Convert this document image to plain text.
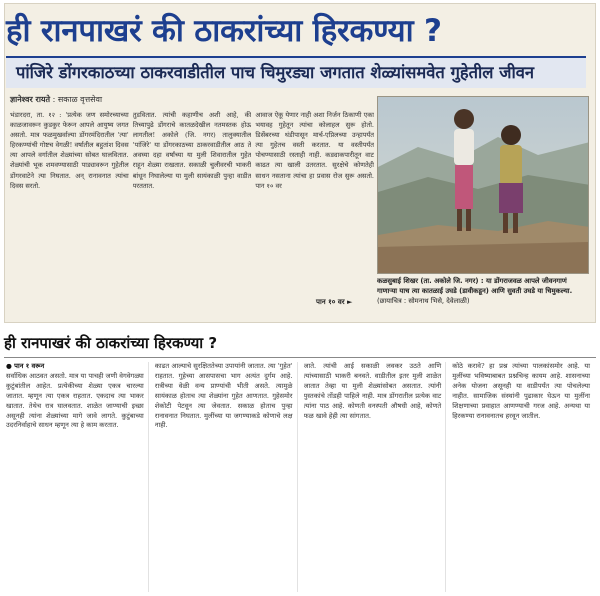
ही रानपाखरं की ठाकरांच्या हिरकण्या ?
पांजिरे डोंगरकाठच्या ठाकरवाडीतील पाच चिमुरड्या जगतात शेळ्यांसमवेत गुहेतील जीवन
ज्ञानेश्वर रायते : सकाळ वृत्तसेवा
भंडारदरा, ता. १२ : 'प्रत्येक जण समोरच्याच्या काळजावरून कुडकुर फेरून आपले आयुष्य जगत असतो. मात्र फळमुखर्वाल्या डोंगरमंदिरातील 'त्या' हिरकण्यांची गोष्टच वेगळी! वर्षातील बहुतांश दिवस त्या आपले वर्गातील शेळ्यांच्या सोबत घालवितात. शेळ्यांची भूक शमवण्यासाठी पाड्यावरून गुहेतील डोंगरवाटेने त्या निघतात. अन् रानावनात त्यांचा दिवस सरतो.
तुडवितात. त्यांची कहाणीच अशी आहे, की तिच्यापुढे डोंगराचे कातळदेखील नतमस्तक होऊ लागतील! अकोले (जि. नगर) तालुक्यातील 'पांजिरे' या डोंगरकाठच्या ठाकरवाडीतील आठ ते अवघ्या दहा वर्षांच्या या मुली शिवारातील गुहेत राहून शेळ्या राखतात. सकाळी चुलीवरची भाकरी बांधून निघालेल्या या मुली सायंकाळी पुन्हा वाडीत परततात.
आवाज ऐकू येणार नाही अशा निर्जन ठिकाणी एका भयावह गुहेतून त्यांचा कोलाहल सुरू होतो. डिसेंबरच्या थंडीपासून मार्च-एप्रिलच्या उन्हापर्यंत त्या गुहेतच वस्ती करतात. या वस्तीपर्यंत पोचण्यासाठी रस्ताही नाही. कड्याकपारीतून वाट काढत त्या खाली उतरतात. सुरक्षेचे कोणतेही साधन नसताना त्यांचा हा प्रवास रोज सुरू असतो. पान १० वर
कळसुबाई शिखर (ता. अकोले जि. नगर) : या डोंगराजवळ आपले जीवनगाणं गाणाऱ्या याच त्या कातळाई उघडे (डावीकडून) आणि सुवती उघडे या चिमुकल्या. (छायाचित्र : सोमनाथ भिसे, देवेलाळी)
पान १० वर ►
ही रानपाखरं की ठाकरांच्या हिरकण्या ?
● पान १ वरून
सर्वाधिक आठवत असतो. मात्र या पाचही जणी वेगवेगळ्या कुटुंबांतील आहेत. प्रत्येकीच्या शेळ्या एकत्र चारल्या जातात. म्हणून त्या एकत्र राहतात. एकदाच त्या भाकर खातात. तेथेच रात्र घालवतात. शाळेत जाण्याची इच्छा असूनही त्यांना शेळ्यांच्या मागे जावे लागते. कुटुंबाच्या उदरनिर्वाहाचे साधन म्हणून त्या हे काम करतात.
काढत आल्याचे सुरक्षिततेच्या उपायांनी जातात. त्या 'गुहेत' राहतात. गुहेच्या आसपासचा भाग अत्यंत दुर्गम आहे. रात्रीच्या वेळी वन्य प्राण्यांची भीती असते. त्यामुळे सायंकाळ होताच त्या शेळ्यांना गुहेत आणतात. गुहेसमोर शेकोटी पेटवून त्या जेवतात. सकाळ होताच पुन्हा रानावनात निघतात. मुलींच्या या जगण्याकडे कोणाचे लक्ष नाही.
जाते. त्यांची आई सकाळी लवकर उठते आणि त्यांच्यासाठी भाकरी बनवते. वाडीतील इतर मुली शाळेत जातात तेव्हा या मुली शेळ्यांसोबत असतात. त्यांनी पुस्तकांचे तोंडही पाहिले नाही. मात्र डोंगरातील प्रत्येक वाट त्यांना पाठ आहे. कोणती वनस्पती औषधी आहे, कोणते फळ खावे हेही त्या सांगतात.
कोठे करावे? हा प्रश्न त्यांच्या पालकांसमोर आहे. या मुलींच्या भविष्याबाबत प्रश्नचिन्ह कायम आहे. शासनाच्या अनेक योजना असूनही या वाडीपर्यंत त्या पोचलेल्या नाहीत. सामाजिक संस्थांनी पुढाकार घेऊन या मुलींना शिक्षणाच्या प्रवाहात आणण्याची गरज आहे. अन्यथा या हिरकण्या रानावनातच हरवून जातील.
